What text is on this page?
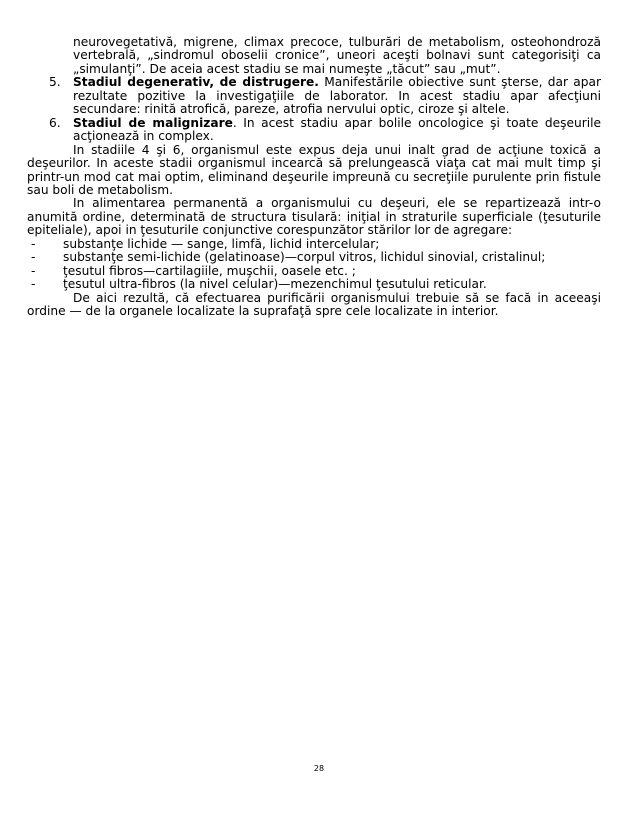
neurovegetativă, migrene, climax precoce, tulburări de metabolism, osteohondroză vertebrală, „sindromul oboselii cronice”, uneori aceşti bolnavi sunt categorisiţi ca „simulanţi”. De aceia acest stadiu se mai numeşte „tăcut” sau „mut”.

5. Stadiul degenerativ, de distrugere. Manifestările obiective sunt şterse, dar apar rezultate pozitive la investigaţiile de laborator. In acest stadiu apar afecţiuni secundare: rinită atrofică, pareze, atrofia nervului optic, ciroze şi altele.

6. Stadiul de malignizare. In acest stadiu apar bolile oncologice şi toate deşeurile acţionează in complex.

In stadiile 4 şi 6, organismul este expus deja unui inalt grad de acţiune toxică a deşeurilor. In aceste stadii organismul incearcă să prelungească viaţa cat mai mult timp şi printr-un mod cat mai optim, eliminand deşeurile impreună cu secreţiile purulente prin fistule sau boli de metabolism.

In alimentarea permanentă a organismului cu deşeuri, ele se repartizează intr-o anumită ordine, determinată de structura tisulară: iniţial in straturile superficiale (ţesuturile epiteliale), apoi in ţesuturile conjunctive corespunzător stărilor lor de agregare:

- substanţe lichide — sange, limfă, lichid intercelular;

- substanţe semi-lichide (gelatinoase)—corpul vitros, lichidul sinovial, cristalinul;

- ţesutul fibros—cartilagiile, muşchii, oasele etc. ;

- ţesutul ultra-fibros (la nivel celular)—mezenchimul ţesutului reticular.

De aici rezultă, că efectuarea purificării organismului trebuie să se facă in aceeaşi ordine — de la organele localizate la suprafaţă spre cele localizate in interior.

28
